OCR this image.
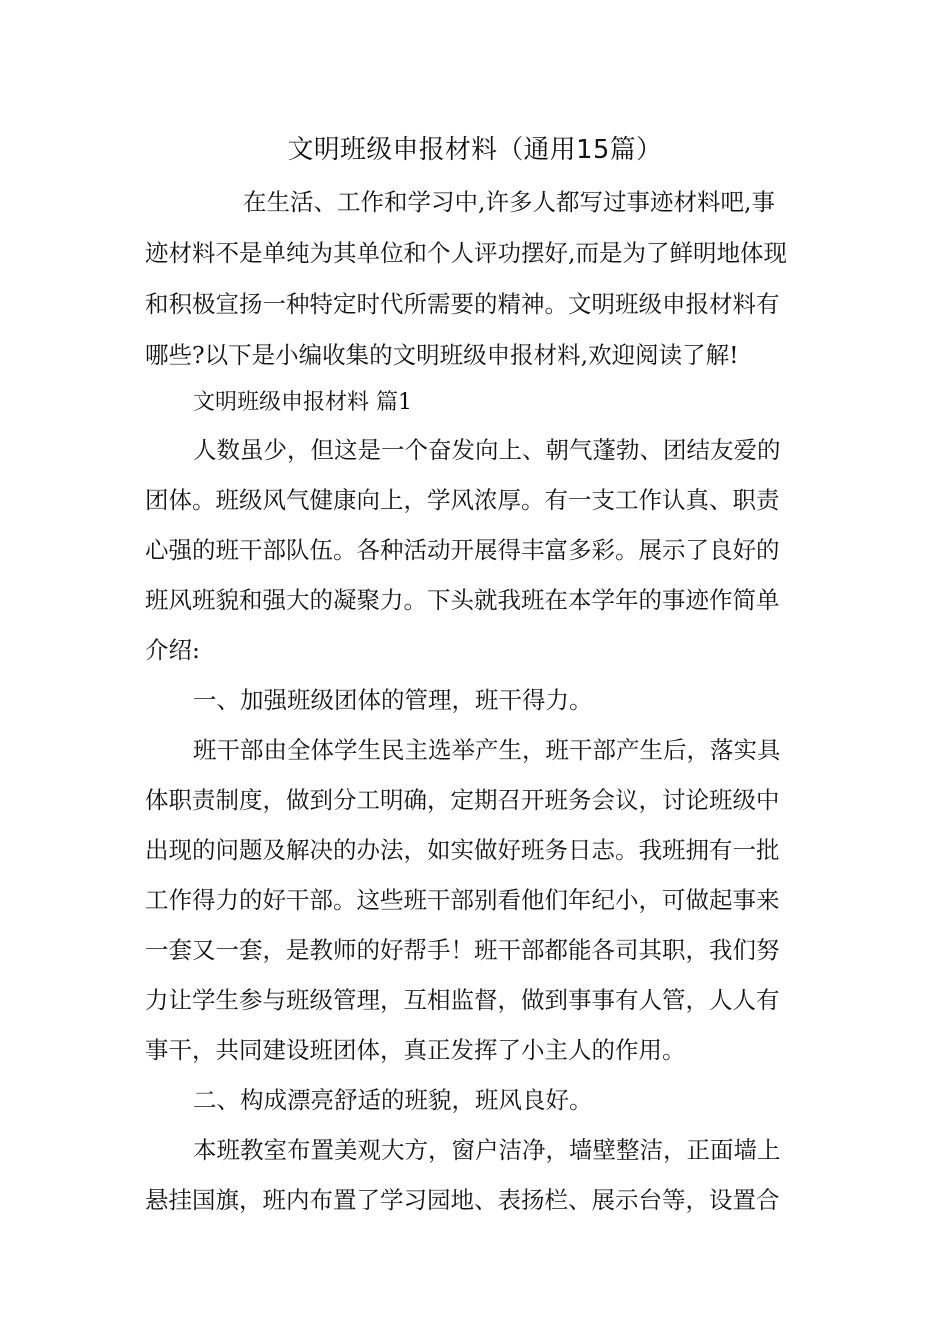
文明班级申报材料（通用15篇）
在生活、工作和学习中,许多人都写过事迹材料吧,事
迹材料不是单纯为其单位和个人评功摆好,而是为了鲜明地体现
和积极宣扬一种特定时代所需要的精神。文明班级申报材料有
哪些?以下是小编收集的文明班级申报材料,欢迎阅读了解!
文明班级申报材料 篇1
人数虽少，但这是一个奋发向上、朝气蓬勃、团结友爱的
团体。班级风气健康向上，学风浓厚。有一支工作认真、职责
心强的班干部队伍。各种活动开展得丰富多彩。展示了良好的
班风班貌和强大的凝聚力。下头就我班在本学年的事迹作简单
介绍:
一、加强班级团体的管理，班干得力。
班干部由全体学生民主选举产生，班干部产生后，落实具
体职责制度，做到分工明确，定期召开班务会议，讨论班级中
出现的问题及解决的办法，如实做好班务日志。我班拥有一批
工作得力的好干部。这些班干部别看他们年纪小，可做起事来
一套又一套，是教师的好帮手！班干部都能各司其职，我们努
力让学生参与班级管理，互相监督，做到事事有人管，人人有
事干，共同建设班团体，真正发挥了小主人的作用。
二、构成漂亮舒适的班貌，班风良好。
本班教室布置美观大方，窗户洁净，墙壁整洁，正面墙上
悬挂国旗，班内布置了学习园地、表扬栏、展示台等，设置合
